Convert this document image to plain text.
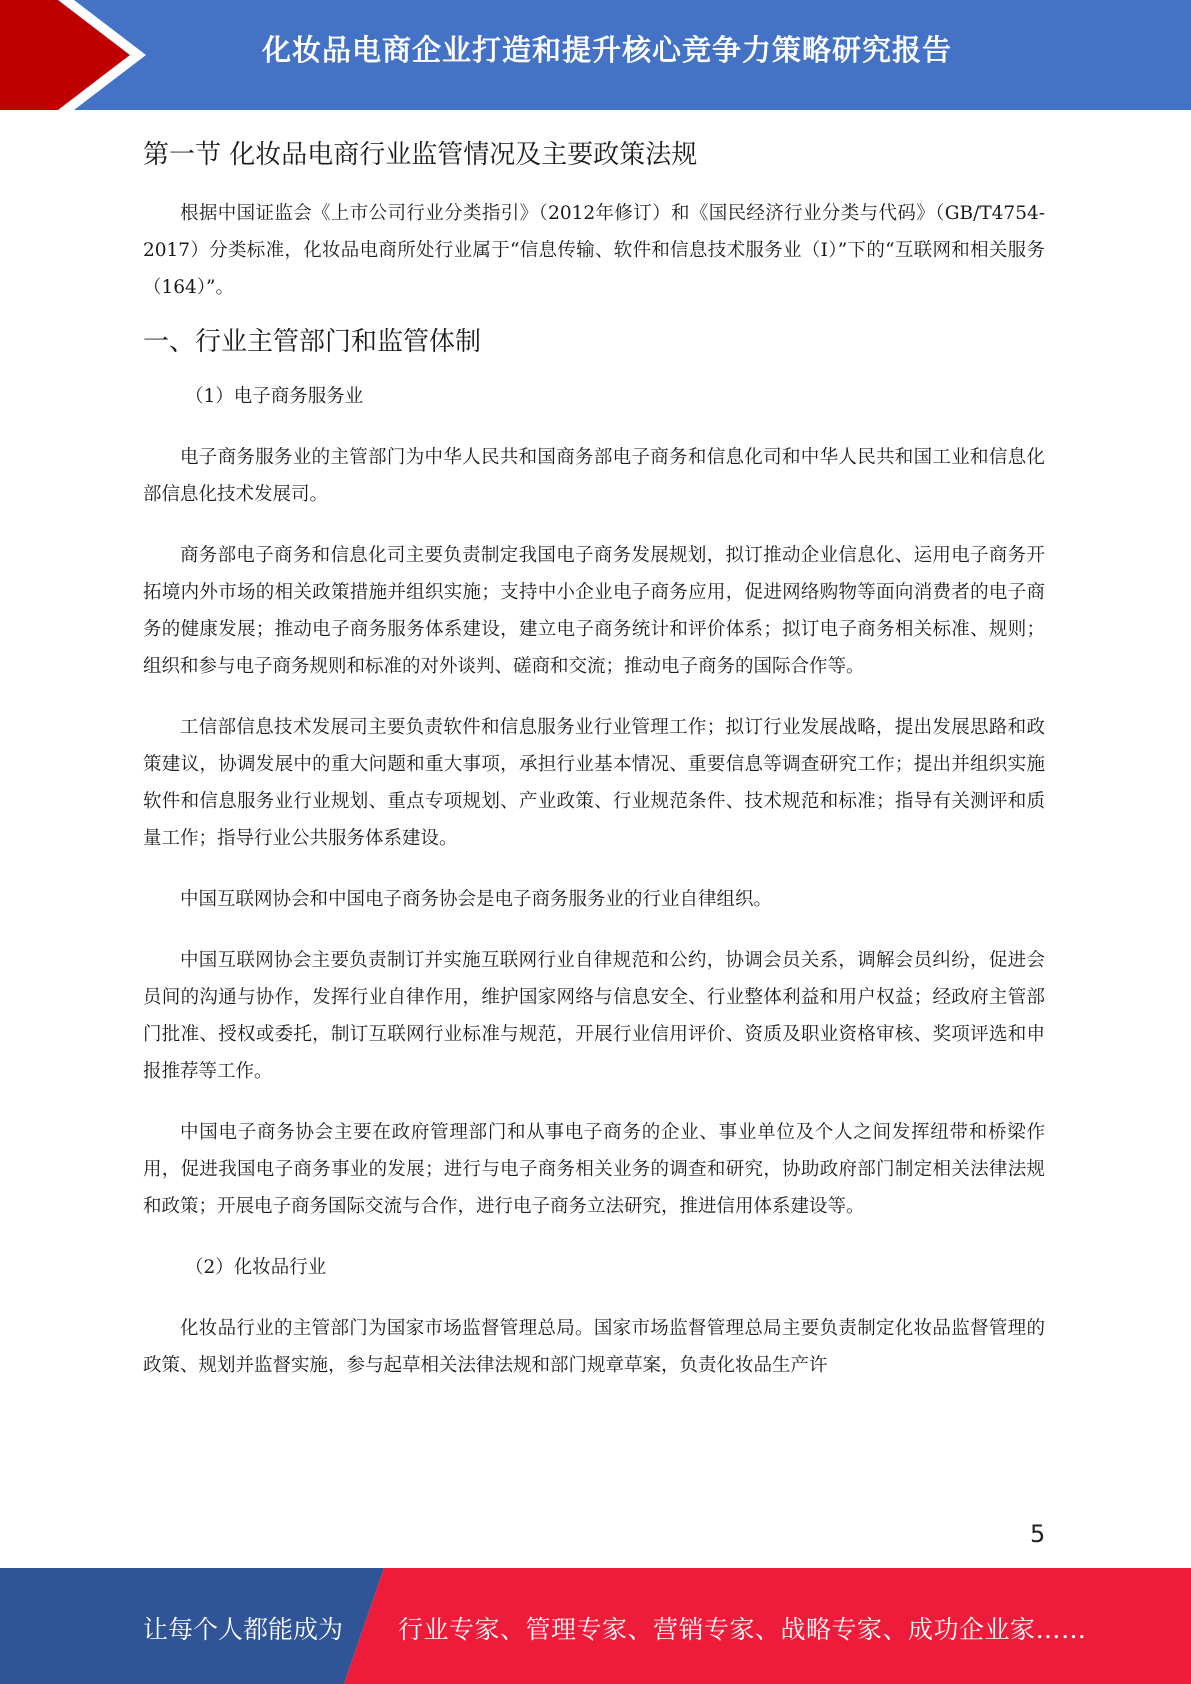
化妆品电商企业打造和提升核心竞争力策略研究报告
第一节 化妆品电商行业监管情况及主要政策法规

根据中国证监会《上市公司行业分类指引》（2012年修订）和《国民经济行业分类与代码》（GB/T4754-2017）分类标准，化妆品电商所处行业属于“信息传输、软件和信息技术服务业（I）”下的“互联网和相关服务（164）”。

一、行业主管部门和监管体制

（1）电子商务服务业

电子商务服务业的主管部门为中华人民共和国商务部电子商务和信息化司和中华人民共和国工业和信息化部信息化技术发展司。

商务部电子商务和信息化司主要负责制定我国电子商务发展规划，拟订推动企业信息化、运用电子商务开拓境内外市场的相关政策措施并组织实施；支持中小企业电子商务应用，促进网络购物等面向消费者的电子商务的健康发展；推动电子商务服务体系建设，建立电子商务统计和评价体系；拟订电子商务相关标准、规则；组织和参与电子商务规则和标准的对外谈判、磋商和交流；推动电子商务的国际合作等。

工信部信息技术发展司主要负责软件和信息服务业行业管理工作；拟订行业发展战略，提出发展思路和政策建议，协调发展中的重大问题和重大事项，承担行业基本情况、重要信息等调查研究工作；提出并组织实施软件和信息服务业行业规划、重点专项规划、产业政策、行业规范条件、技术规范和标准；指导有关测评和质量工作；指导行业公共服务体系建设。

中国互联网协会和中国电子商务协会是电子商务服务业的行业自律组织。

中国互联网协会主要负责制订并实施互联网行业自律规范和公约，协调会员关系，调解会员纠纷，促进会员间的沟通与协作，发挥行业自律作用，维护国家网络与信息安全、行业整体利益和用户权益；经政府主管部门批准、授权或委托，制订互联网行业标准与规范，开展行业信用评价、资质及职业资格审核、奖项评选和申报推荐等工作。

中国电子商务协会主要在政府管理部门和从事电子商务的企业、事业单位及个人之间发挥纽带和桥梁作用，促进我国电子商务事业的发展；进行与电子商务相关业务的调查和研究，协助政府部门制定相关法律法规和政策；开展电子商务国际交流与合作，进行电子商务立法研究，推进信用体系建设等。

（2）化妆品行业

化妆品行业的主管部门为国家市场监督管理总局。国家市场监督管理总局主要负责制定化妆品监督管理的政策、规划并监督实施，参与起草相关法律法规和部门规章草案，负责化妆品生产许

5
让每个人都能成为 行业专家、管理专家、营销专家、战略专家、成功企业家……
